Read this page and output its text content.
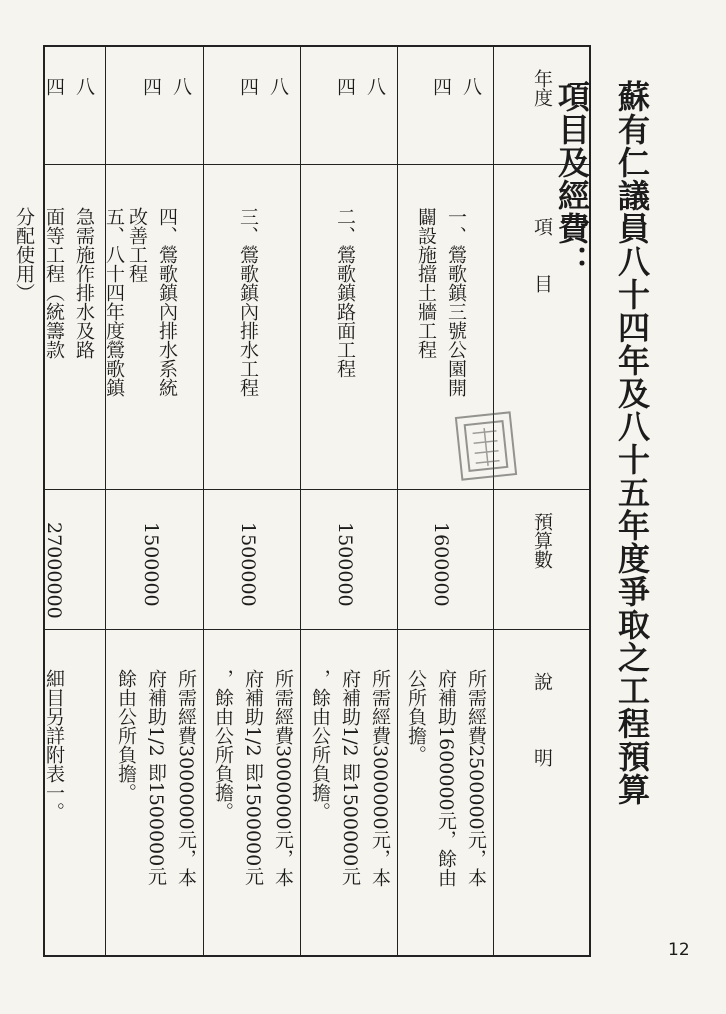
蘇有仁議員八十四年及八十五年度爭取之工程預算項目及經費：
年度
項　　目
預算數
說　　　明
八
四
一、鶯歌鎮三號公園開
闢設施擋土牆工程
1600000
所需經費2500000元，本
府補助1600000元，餘由
公所負擔。
八
四
二、鶯歌鎮路面工程
1500000
所需經費3000000元，本
府補助1/2 即1500000元
，餘由公所負擔。
八
四
三、鶯歌鎮內排水工程
1500000
所需經費3000000元，本
府補助1/2 即1500000元
，餘由公所負擔。
八
四
四、鶯歌鎮內排水系統
改善工程
1500000
所需經費3000000元，本
府補助1/2 即1500000元
餘由公所負擔。
八
四
五、八十四年度鶯歌鎮
急需施作排水及路
面等工程（統籌款
分配使用）
27000000
細目另詳附表一。
12
